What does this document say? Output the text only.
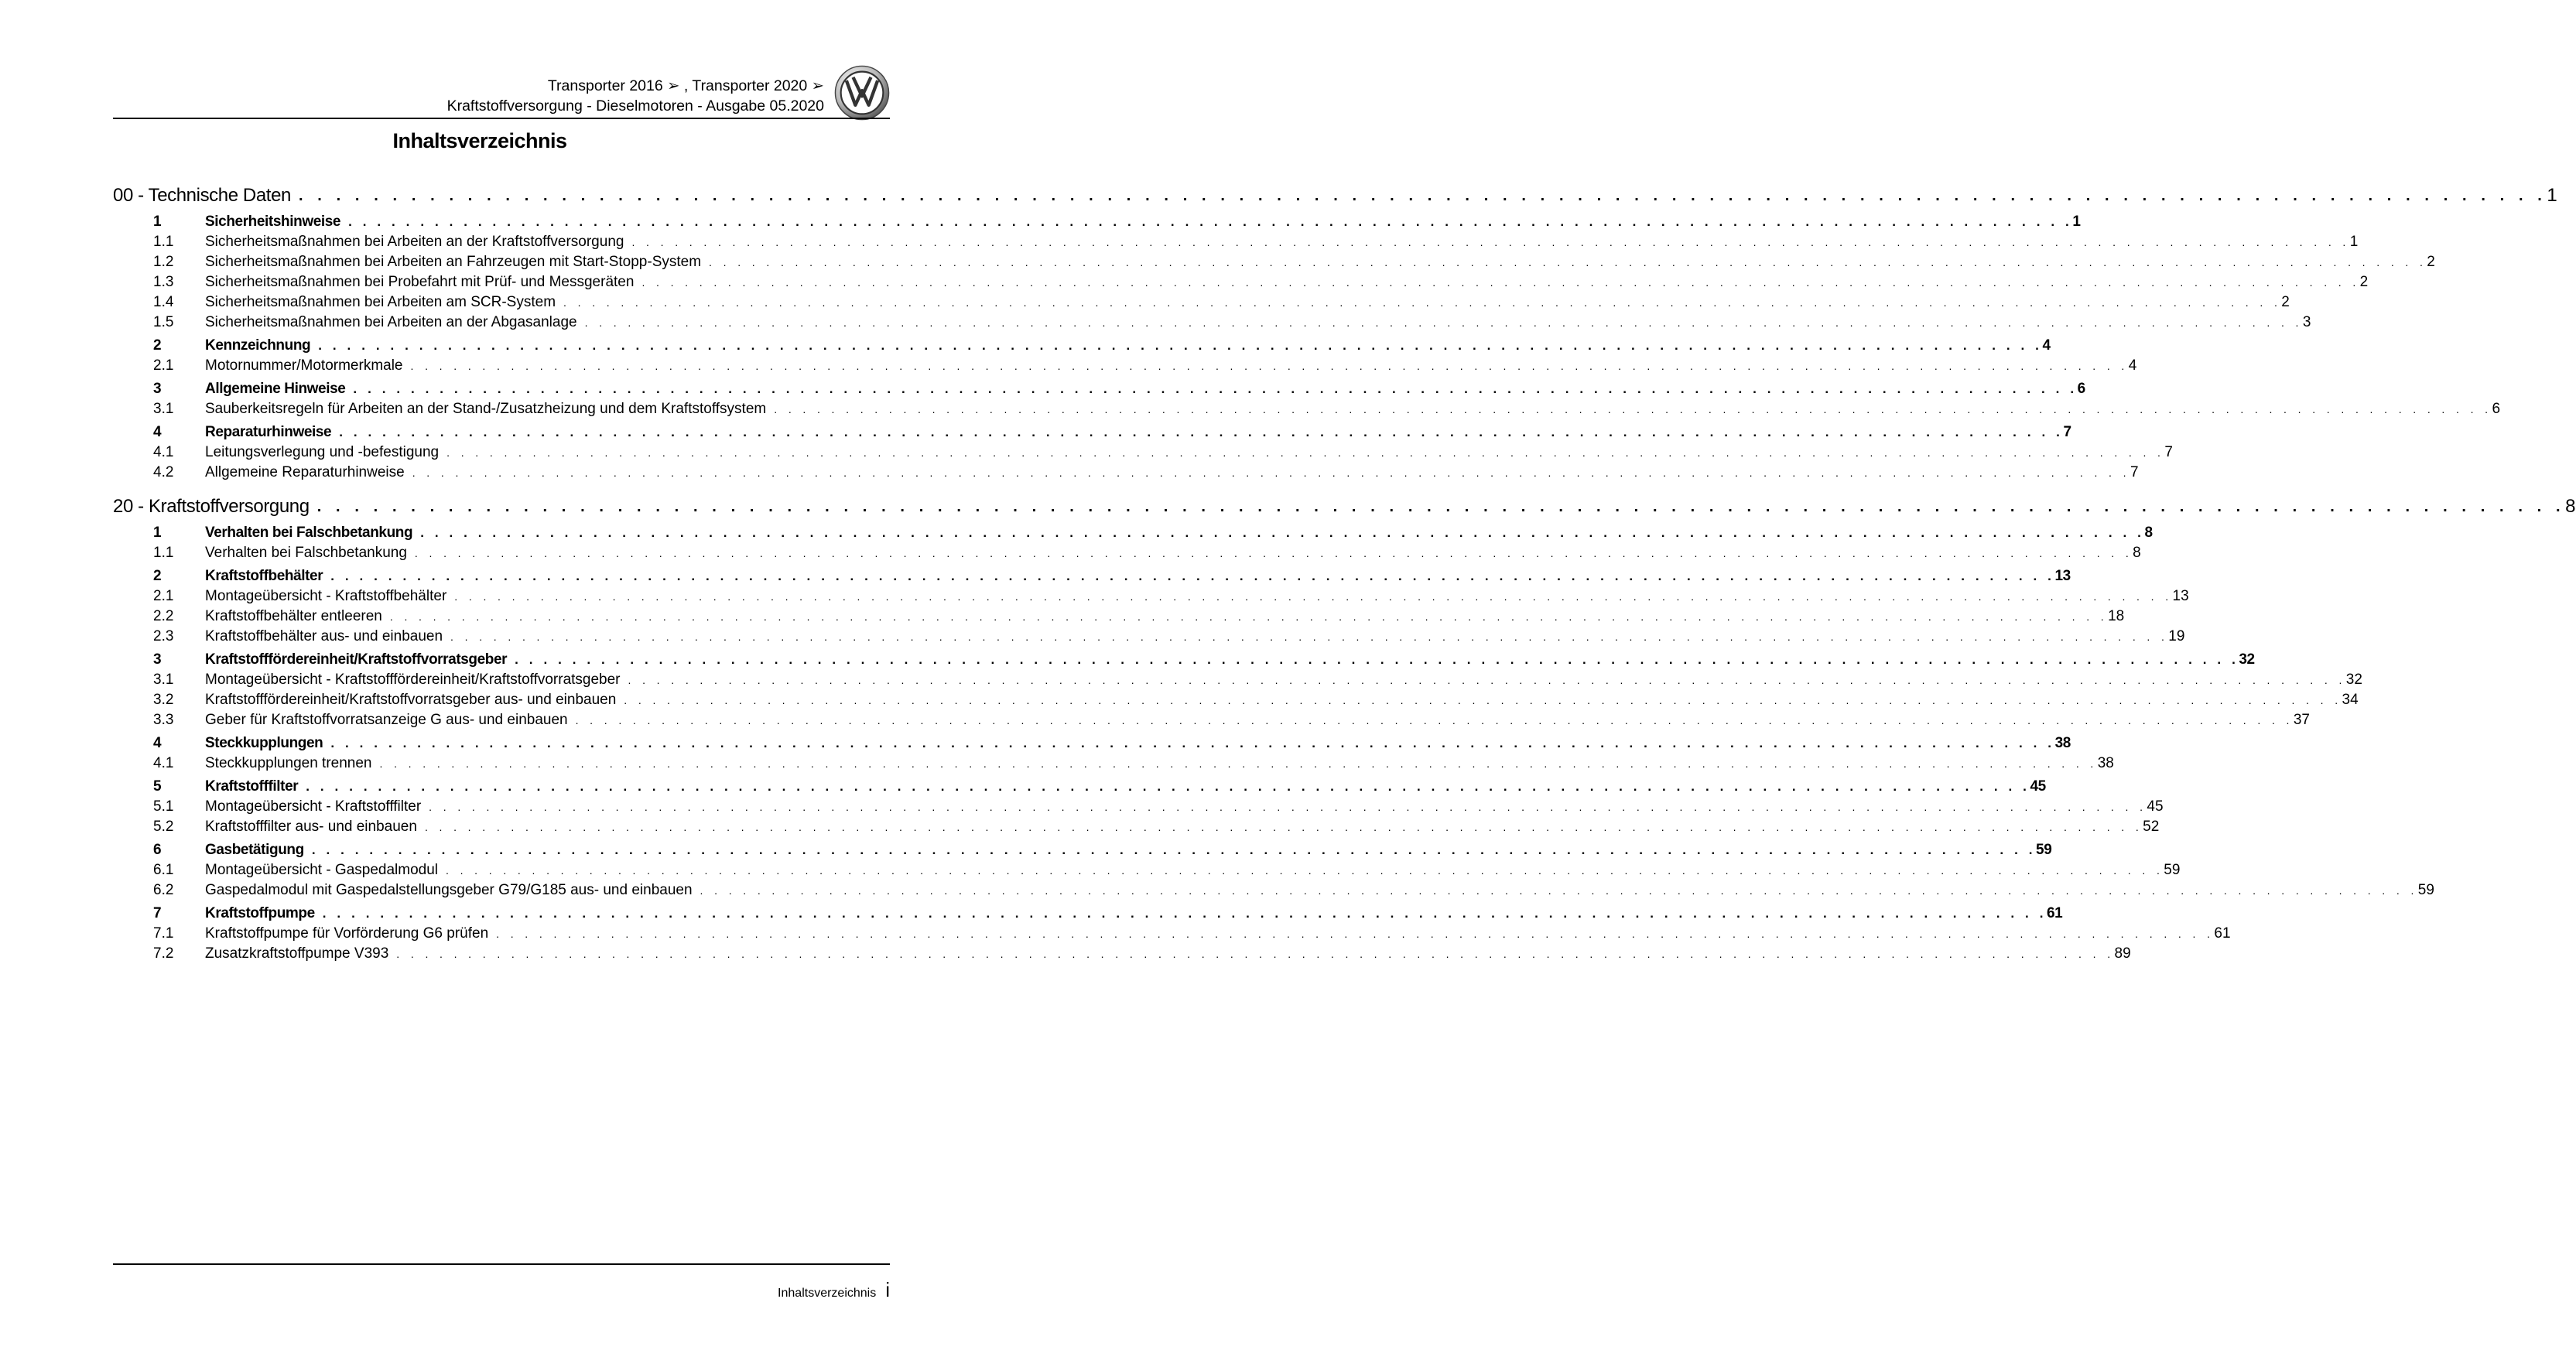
Transporter 2016 ➢ , Transporter 2020 ➢
Kraftstoffversorgung - Dieselmotoren - Ausgabe 05.2020
Inhaltsverzeichnis
00 - Technische Daten . . . . . . . . . . . . . . . . . . . . . . . . . . . . . . . . . . . . . . . . . . . . . . . . . . . . . . . . . . . . . . . . . . . . . . . . . . . . . . . . . . . . . . . . . . . . . . . . . . . . . . . . . . . . . . . . . . . . . . . . 1
1	Sicherheitshinweise . . . . . . . . . . . . . . . . . . . . . . . . . . . . . . . . . . . . . . . . . . . . . . . . . . . . . . . . . . . . . . . . . . . . . . . . . . . . . . . . . . . . . . . . . . . . . . . . . . . . . . . . . . . . . . . . . . . . . . . . 1
1.1 Sicherheitsmaßnahmen bei Arbeiten an der Kraftstoffversorgung . . . . . . . . . . . . . . . . . . . . . . . . . . . . . . . . . . . . . . . . . . . . . . . . . . . . . . . . . . . . . . . . . . . . . . . . . . . . . . . . . . . . . . . . . . . . . . . . . . . . . . . . . . . . . . . . . . . . . . . . 1
1.2 Sicherheitsmaßnahmen bei Arbeiten an Fahrzeugen mit Start-Stopp-System . . . . . . . . . . . . . . . . . . . . . . . . . . . . . . . . . . . . . . . . . . . . . . . . . . . . . . . . . . . . . . . . . . . . . . . . . . . . . . . . . . . . . . . . . . . . . . . . . . . . . . . . . . . . . . . . . . . . . . . . 2
1.3 Sicherheitsmaßnahmen bei Probefahrt mit Prüf- und Messgeräten . . . . . . . . . . . . . . . . . . . . . . . . . . . . . . . . . . . . . . . . . . . . . . . . . . . . . . . . . . . . . . . . . . . . . . . . . . . . . . . . . . . . . . . . . . . . . . . . . . . . . . . . . . . . . . . . . . . . . . . . 2
1.4 Sicherheitsmaßnahmen bei Arbeiten am SCR-System . . . . . . . . . . . . . . . . . . . . . . . . . . . . . . . . . . . . . . . . . . . . . . . . . . . . . . . . . . . . . . . . . . . . . . . . . . . . . . . . . . . . . . . . . . . . . . . . . . . . . . . . . . . . . . . . . . . . . . . . 2
1.5 Sicherheitsmaßnahmen bei Arbeiten an der Abgasanlage . . . . . . . . . . . . . . . . . . . . . . . . . . . . . . . . . . . . . . . . . . . . . . . . . . . . . . . . . . . . . . . . . . . . . . . . . . . . . . . . . . . . . . . . . . . . . . . . . . . . . . . . . . . . . . . . . . . . . . . . 3
2	Kennzeichnung . . . . . . . . . . . . . . . . . . . . . . . . . . . . . . . . . . . . . . . . . . . . . . . . . . . . . . . . . . . . . . . . . . . . . . . . . . . . . . . . . . . . . . . . . . . . . . . . . . . . . . . . . . . . . . . . . . . . . . . . 4
2.1 Motornummer/Motormerkmale . . . . . . . . . . . . . . . . . . . . . . . . . . . . . . . . . . . . . . . . . . . . . . . . . . . . . . . . . . . . . . . . . . . . . . . . . . . . . . . . . . . . . . . . . . . . . . . . . . . . . . . . . . . . . . . . . . . . . . . . 4
3	Allgemeine Hinweise . . . . . . . . . . . . . . . . . . . . . . . . . . . . . . . . . . . . . . . . . . . . . . . . . . . . . . . . . . . . . . . . . . . . . . . . . . . . . . . . . . . . . . . . . . . . . . . . . . . . . . . . . . . . . . . . . . . . . . . . 6
3.1 Sauberkeitsregeln für Arbeiten an der Stand-/Zusatzheizung und dem Kraftstoffsystem . . . . . . . . . . . . . . . . . . . . . . . . . . . . . . . . . . . . . . . . . . . . . . . . . . . . . . . . . . . . . . . . . . . . . . . . . . . . . . . . . . . . . . . . . . . . . . . . . . . . . . . . . . . . . . . . . . . . . . . . 6
4	Reparaturhinweise . . . . . . . . . . . . . . . . . . . . . . . . . . . . . . . . . . . . . . . . . . . . . . . . . . . . . . . . . . . . . . . . . . . . . . . . . . . . . . . . . . . . . . . . . . . . . . . . . . . . . . . . . . . . . . . . . . . . . . . . 7
4.1 Leitungsverlegung und -befestigung . . . . . . . . . . . . . . . . . . . . . . . . . . . . . . . . . . . . . . . . . . . . . . . . . . . . . . . . . . . . . . . . . . . . . . . . . . . . . . . . . . . . . . . . . . . . . . . . . . . . . . . . . . . . . . . . . . . . . . . . 7
4.2 Allgemeine Reparaturhinweise . . . . . . . . . . . . . . . . . . . . . . . . . . . . . . . . . . . . . . . . . . . . . . . . . . . . . . . . . . . . . . . . . . . . . . . . . . . . . . . . . . . . . . . . . . . . . . . . . . . . . . . . . . . . . . . . . . . . . . . . 7
20 - Kraftstoffversorgung . . . . . . . . . . . . . . . . . . . . . . . . . . . . . . . . . . . . . . . . . . . . . . . . . . . . . . . . . . . . . . . . . . . . . . . . . . . . . . . . . . . . . . . . . . . . . . . . . . . . . . . . . . . . . . . . . . . . . . . . 8
1	Verhalten bei Falschbetankung . . . . . . . . . . . . . . . . . . . . . . . . . . . . . . . . . . . . . . . . . . . . . . . . . . . . . . . . . . . . . . . . . . . . . . . . . . . . . . . . . . . . . . . . . . . . . . . . . . . . . . . . . . . . . . . . . . . . . . . . 8
1.1 Verhalten bei Falschbetankung . . . . . . . . . . . . . . . . . . . . . . . . . . . . . . . . . . . . . . . . . . . . . . . . . . . . . . . . . . . . . . . . . . . . . . . . . . . . . . . . . . . . . . . . . . . . . . . . . . . . . . . . . . . . . . . . . . . . . . . . 8
2	Kraftstoffbehälter . . . . . . . . . . . . . . . . . . . . . . . . . . . . . . . . . . . . . . . . . . . . . . . . . . . . . . . . . . . . . . . . . . . . . . . . . . . . . . . . . . . . . . . . . . . . . . . . . . . . . . . . . . . . . . . . . . . . . . . . 13
2.1 Montageübersicht - Kraftstoffbehälter . . . . . . . . . . . . . . . . . . . . . . . . . . . . . . . . . . . . . . . . . . . . . . . . . . . . . . . . . . . . . . . . . . . . . . . . . . . . . . . . . . . . . . . . . . . . . . . . . . . . . . . . . . . . . . . . . . . . . . . . 13
2.2 Kraftstoffbehälter entleeren . . . . . . . . . . . . . . . . . . . . . . . . . . . . . . . . . . . . . . . . . . . . . . . . . . . . . . . . . . . . . . . . . . . . . . . . . . . . . . . . . . . . . . . . . . . . . . . . . . . . . . . . . . . . . . . . . . . . . . . . 18
2.3 Kraftstoffbehälter aus- und einbauen . . . . . . . . . . . . . . . . . . . . . . . . . . . . . . . . . . . . . . . . . . . . . . . . . . . . . . . . . . . . . . . . . . . . . . . . . . . . . . . . . . . . . . . . . . . . . . . . . . . . . . . . . . . . . . . . . . . . . . . . 19
3	Kraftstofffördereinheit/Kraftstoffvorratsgeber . . . . . . . . . . . . . . . . . . . . . . . . . . . . . . . . . . . . . . . . . . . . . . . . . . . . . . . . . . . . . . . . . . . . . . . . . . . . . . . . . . . . . . . . . . . . . . . . . . . . . . . . . . . . . . . . . . . . . . . . 32
3.1 Montageübersicht - Kraftstofffördereinheit/Kraftstoffvorratsgeber . . . . . . . . . . . . . . . . . . . . . . . . . . . . . . . . . . . . . . . . . . . . . . . . . . . . . . . . . . . . . . . . . . . . . . . . . . . . . . . . . . . . . . . . . . . . . . . . . . . . . . . . . . . . . . . . . . . . . . . . 32
3.2 Kraftstofffördereinheit/Kraftstoffvorratsgeber aus- und einbauen . . . . . . . . . . . . . . . . . . . . . . . . . . . . . . . . . . . . . . . . . . . . . . . . . . . . . . . . . . . . . . . . . . . . . . . . . . . . . . . . . . . . . . . . . . . . . . . . . . . . . . . . . . . . . . . . . . . . . . . . 34
3.3 Geber für Kraftstoffvorratsanzeige G aus- und einbauen . . . . . . . . . . . . . . . . . . . . . . . . . . . . . . . . . . . . . . . . . . . . . . . . . . . . . . . . . . . . . . . . . . . . . . . . . . . . . . . . . . . . . . . . . . . . . . . . . . . . . . . . . . . . . . . . . . . . . . . . 37
4	Steckkupplungen . . . . . . . . . . . . . . . . . . . . . . . . . . . . . . . . . . . . . . . . . . . . . . . . . . . . . . . . . . . . . . . . . . . . . . . . . . . . . . . . . . . . . . . . . . . . . . . . . . . . . . . . . . . . . . . . . . . . . . . . 38
4.1 Steckkupplungen trennen . . . . . . . . . . . . . . . . . . . . . . . . . . . . . . . . . . . . . . . . . . . . . . . . . . . . . . . . . . . . . . . . . . . . . . . . . . . . . . . . . . . . . . . . . . . . . . . . . . . . . . . . . . . . . . . . . . . . . . . . 38
5	Kraftstofffilter . . . . . . . . . . . . . . . . . . . . . . . . . . . . . . . . . . . . . . . . . . . . . . . . . . . . . . . . . . . . . . . . . . . . . . . . . . . . . . . . . . . . . . . . . . . . . . . . . . . . . . . . . . . . . . . . . . . . . . . . 45
5.1 Montageübersicht - Kraftstofffilter . . . . . . . . . . . . . . . . . . . . . . . . . . . . . . . . . . . . . . . . . . . . . . . . . . . . . . . . . . . . . . . . . . . . . . . . . . . . . . . . . . . . . . . . . . . . . . . . . . . . . . . . . . . . . . . . . . . . . . . . 45
5.2 Kraftstofffilter aus- und einbauen . . . . . . . . . . . . . . . . . . . . . . . . . . . . . . . . . . . . . . . . . . . . . . . . . . . . . . . . . . . . . . . . . . . . . . . . . . . . . . . . . . . . . . . . . . . . . . . . . . . . . . . . . . . . . . . . . . . . . . . . 52
6	Gasbetätigung . . . . . . . . . . . . . . . . . . . . . . . . . . . . . . . . . . . . . . . . . . . . . . . . . . . . . . . . . . . . . . . . . . . . . . . . . . . . . . . . . . . . . . . . . . . . . . . . . . . . . . . . . . . . . . . . . . . . . . . . 59
6.1 Montageübersicht - Gaspedalmodul . . . . . . . . . . . . . . . . . . . . . . . . . . . . . . . . . . . . . . . . . . . . . . . . . . . . . . . . . . . . . . . . . . . . . . . . . . . . . . . . . . . . . . . . . . . . . . . . . . . . . . . . . . . . . . . . . . . . . . . . 59
6.2 Gaspedalmodul mit Gaspedalstellungsgeber G79/G185 aus- und einbauen . . . . . . . . . . . . . . . . . . . . . . . . . . . . . . . . . . . . . . . . . . . . . . . . . . . . . . . . . . . . . . . . . . . . . . . . . . . . . . . . . . . . . . . . . . . . . . . . . . . . . . . . . . . . . . . . . . . . . . . . 59
7	Kraftstoffpumpe . . . . . . . . . . . . . . . . . . . . . . . . . . . . . . . . . . . . . . . . . . . . . . . . . . . . . . . . . . . . . . . . . . . . . . . . . . . . . . . . . . . . . . . . . . . . . . . . . . . . . . . . . . . . . . . . . . . . . . . . 61
7.1 Kraftstoffpumpe für Vorförderung G6 prüfen . . . . . . . . . . . . . . . . . . . . . . . . . . . . . . . . . . . . . . . . . . . . . . . . . . . . . . . . . . . . . . . . . . . . . . . . . . . . . . . . . . . . . . . . . . . . . . . . . . . . . . . . . . . . . . . . . . . . . . . . 61
7.2 Zusatzkraftstoffpumpe V393 . . . . . . . . . . . . . . . . . . . . . . . . . . . . . . . . . . . . . . . . . . . . . . . . . . . . . . . . . . . . . . . . . . . . . . . . . . . . . . . . . . . . . . . . . . . . . . . . . . . . . . . . . . . . . . . . . . . . . . . . 89
Inhaltsverzeichnis i
